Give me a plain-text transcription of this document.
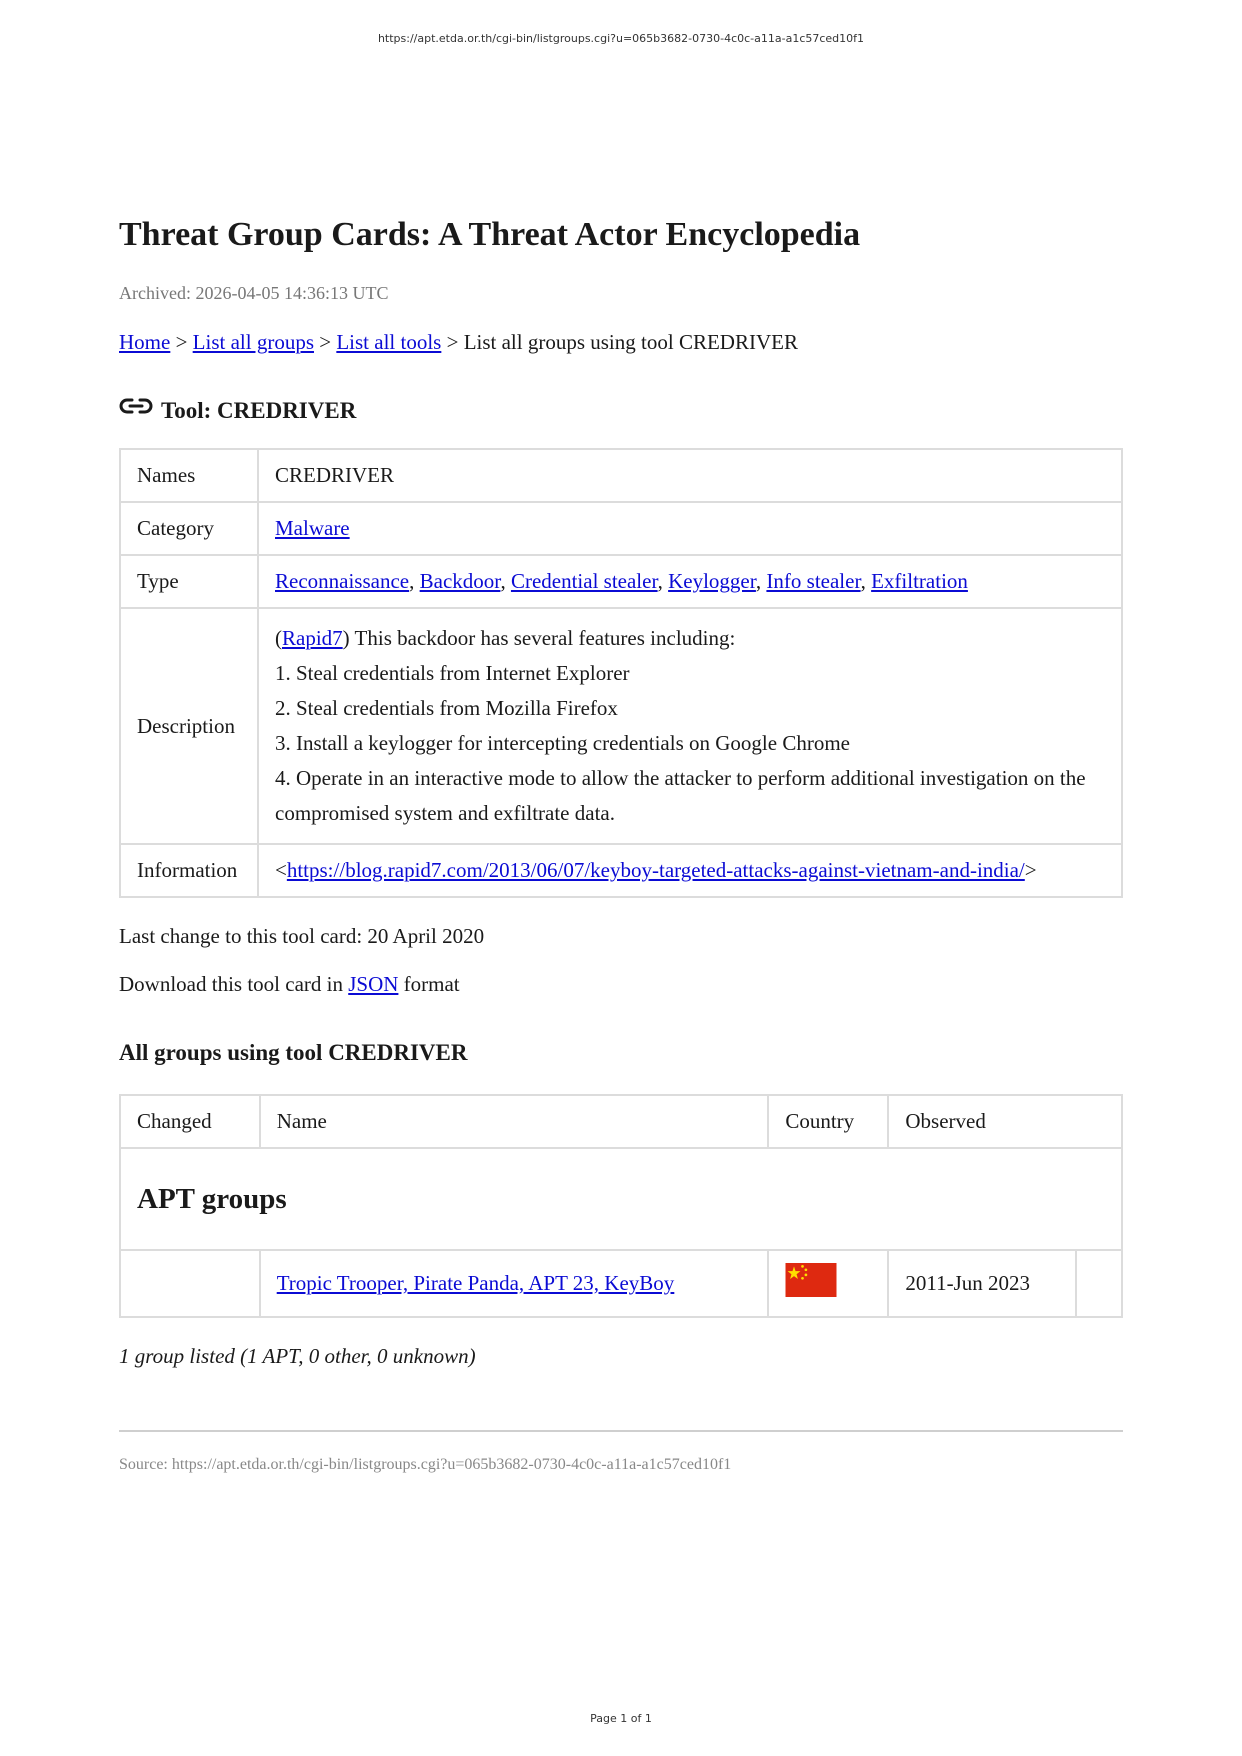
https://apt.etda.or.th/cgi-bin/listgroups.cgi?u=065b3682-0730-4c0c-a11a-a1c57ced10f1
Threat Group Cards: A Threat Actor Encyclopedia
Archived: 2026-04-05 14:36:13 UTC
Home > List all groups > List all tools > List all groups using tool CREDRIVER
Tool: CREDRIVER
Names	CREDRIVER
Category	Malware
Type	Reconnaissance, Backdoor, Credential stealer, Keylogger, Info stealer, Exfiltration
Description	(Rapid7) This backdoor has several features including:
1. Steal credentials from Internet Explorer
2. Steal credentials from Mozilla Firefox
3. Install a keylogger for intercepting credentials on Google Chrome
4. Operate in an interactive mode to allow the attacker to perform additional investigation on the compromised system and exfiltrate data.

Information	<https://blog.rapid7.com/2013/06/07/keyboy-targeted-attacks-against-vietnam-and-india/>
Last change to this tool card: 20 April 2020
Download this tool card in JSON format
All groups using tool CREDRIVER
Changed	Name	Country	Observed	
APT groups				
	Tropic Trooper, Pirate Panda, APT 23, KeyBoy		2011-Jun 2023	
1 group listed (1 APT, 0 other, 0 unknown)
Source: https://apt.etda.or.th/cgi-bin/listgroups.cgi?u=065b3682-0730-4c0c-a11a-a1c57ced10f1
Page 1 of 1
